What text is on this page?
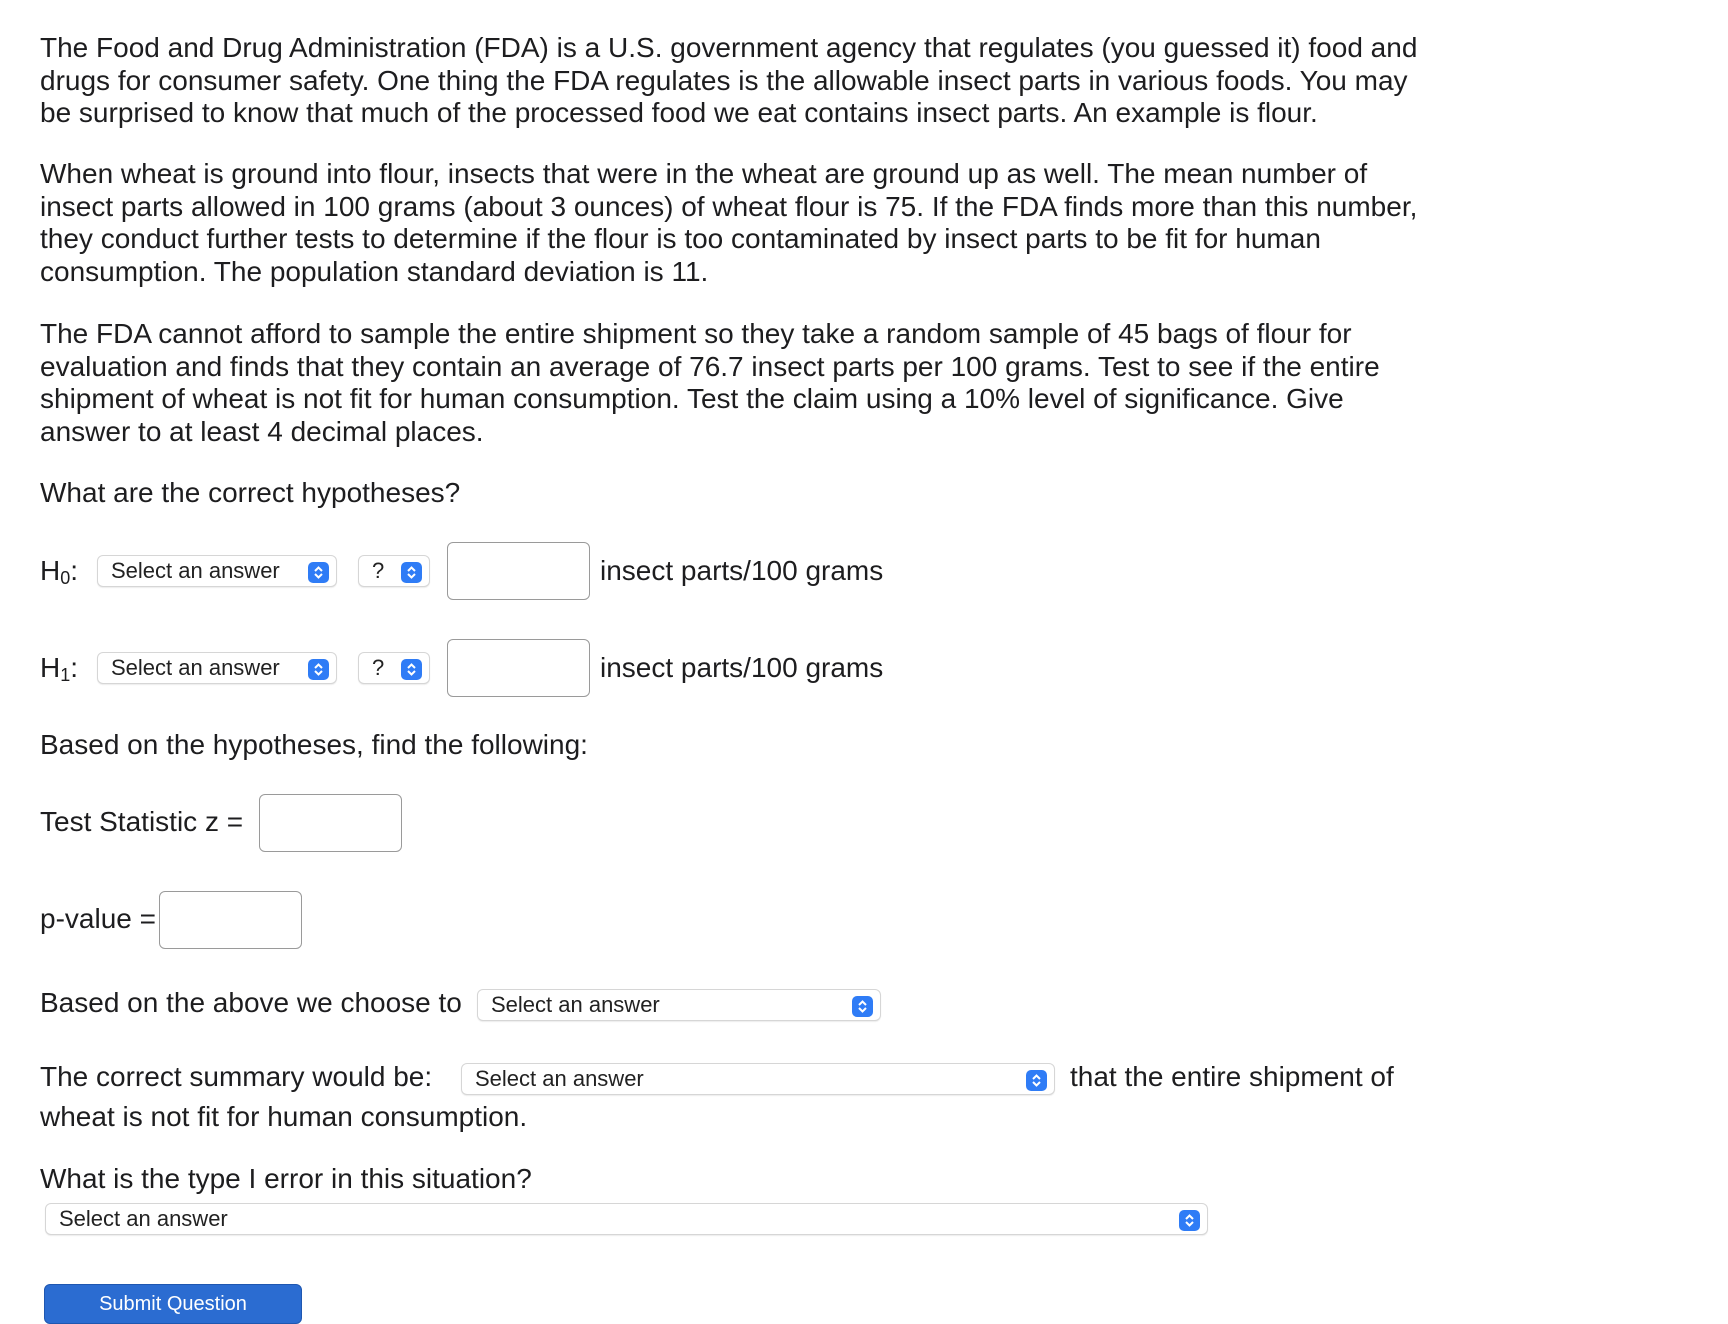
The Food and Drug Administration (FDA) is a U.S. government agency that regulates (you guessed it) food and drugs for consumer safety. One thing the FDA regulates is the allowable insect parts in various foods. You may be surprised to know that much of the processed food we eat contains insect parts. An example is flour.

When wheat is ground into flour, insects that were in the wheat are ground up as well. The mean number of insect parts allowed in 100 grams (about 3 ounces) of wheat flour is 75. If the FDA finds more than this number, they conduct further tests to determine if the flour is too contaminated by insect parts to be fit for human consumption. The population standard deviation is 11.

The FDA cannot afford to sample the entire shipment so they take a random sample of 45 bags of flour for evaluation and finds that they contain an average of 76.7 insect parts per 100 grams. Test to see if the entire shipment of wheat is not fit for human consumption. Test the claim using a 10% level of significance. Give answer to at least 4 decimal places.

What are the correct hypotheses?
$H_0$: Select an answer	?	insect parts/100 grams
$H_1$: Select an answer	?	insect parts/100 grams
Based on the hypotheses, find the following:
Test Statistic z =
p-value =
Based on the above we choose to Select an answer
The correct summary would be: Select an answer	that the entire shipment of
wheat is not fit for human consumption.
What is the type I error in this situation?
Select an answer
Submit Question
